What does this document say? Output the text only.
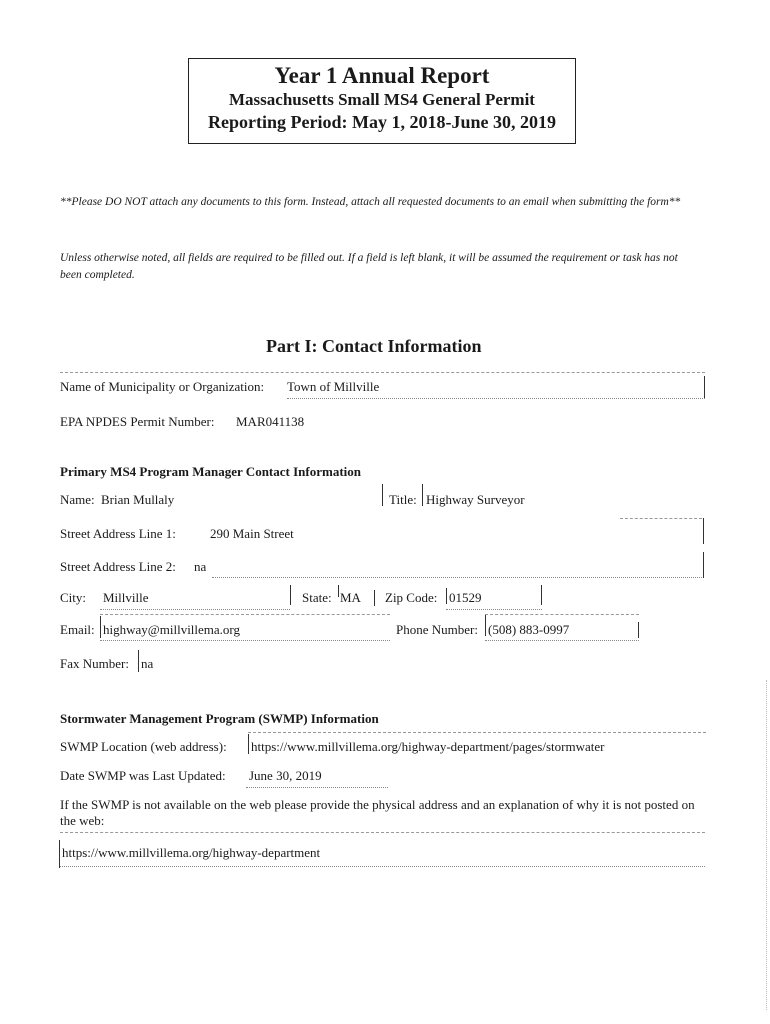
Year 1 Annual Report
Massachusetts Small MS4 General Permit
Reporting Period: May 1, 2018-June 30, 2019
**Please DO NOT attach any documents to this form. Instead, attach all requested documents to an email when submitting the form**
Unless otherwise noted, all fields are required to be filled out. If a field is left blank, it will be assumed the requirement or task has not been completed.
Part I: Contact Information
Name of Municipality or Organization: Town of Millville
EPA NPDES Permit Number: MAR041138
Primary MS4 Program Manager Contact Information
Name: Brian Mullaly	Title: Highway Surveyor
Street Address Line 1:	290 Main Street
Street Address Line 2: na
City: Millville	State: MA Zip Code: 01529
Email: highway@millvillema.org	Phone Number: (508) 883-0997
Fax Number: na
Stormwater Management Program (SWMP) Information
SWMP Location (web address): https://www.millvillema.org/highway-department/pages/stormwater
Date SWMP was Last Updated: June 30, 2019
If the SWMP is not available on the web please provide the physical address and an explanation of why it is not posted on the web:
https://www.millvillema.org/highway-department
